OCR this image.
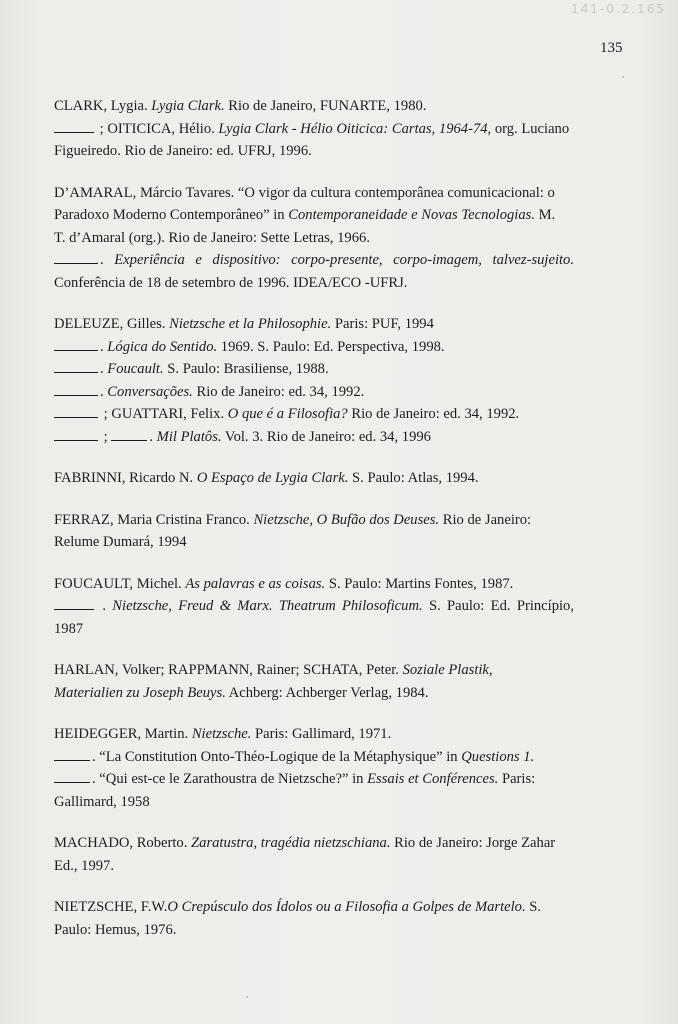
141-0.2.165
135
CLARK, Lygia. Lygia Clark. Rio de Janeiro, FUNARTE, 1980.
; OITICICA, Hélio. Lygia Clark - Hélio Oiticica: Cartas, 1964-74, org. Luciano
Figueiredo. Rio de Janeiro: ed. UFRJ, 1996.
D’AMARAL, Márcio Tavares. “O vigor da cultura contemporânea comunicacional: o
Paradoxo Moderno Contemporâneo” in Contemporaneidade e Novas Tecnologias. M.
T. d’Amaral (org.). Rio de Janeiro: Sette Letras, 1966.
. Experiência e dispositivo: corpo-presente, corpo-imagem, talvez-sujeito.
Conferência de 18 de setembro de 1996. IDEA/ECO -UFRJ.
DELEUZE, Gilles. Nietzsche et la Philosophie. Paris: PUF, 1994
. Lógica do Sentido. 1969. S. Paulo: Ed. Perspectiva, 1998.
. Foucault. S. Paulo: Brasiliense, 1988.
. Conversações. Rio de Janeiro: ed. 34, 1992.
; GUATTARI, Felix. O que é a Filosofia? Rio de Janeiro: ed. 34, 1992.
;	. Mil Platôs. Vol. 3. Rio de Janeiro: ed. 34, 1996
FABRINNI, Ricardo N. O Espaço de Lygia Clark. S. Paulo: Atlas, 1994.
FERRAZ, Maria Cristina Franco. Nietzsche, O Bufão dos Deuses. Rio de Janeiro:
Relume Dumará, 1994
FOUCAULT, Michel. As palavras e as coisas. S. Paulo: Martins Fontes, 1987.
. Nietzsche, Freud & Marx. Theatrum Philosoficum. S. Paulo: Ed. Princípio,
1987
HARLAN, Volker; RAPPMANN, Rainer; SCHATA, Peter. Soziale Plastik,
Materialien zu Joseph Beuys. Achberg: Achberger Verlag, 1984.
HEIDEGGER, Martin. Nietzsche. Paris: Gallimard, 1971.
. “La Constitution Onto-Théo-Logique de la Métaphysique” in Questions 1.
. “Qui est-ce le Zarathoustra de Nietzsche?” in Essais et Conférences. Paris:
Gallimard, 1958
MACHADO, Roberto. Zaratustra, tragédia nietzschiana. Rio de Janeiro: Jorge Zahar
Ed., 1997.
NIETZSCHE, F.W.O Crepúsculo dos Ídolos ou a Filosofia a Golpes de Martelo. S.
Paulo: Hemus, 1976.
